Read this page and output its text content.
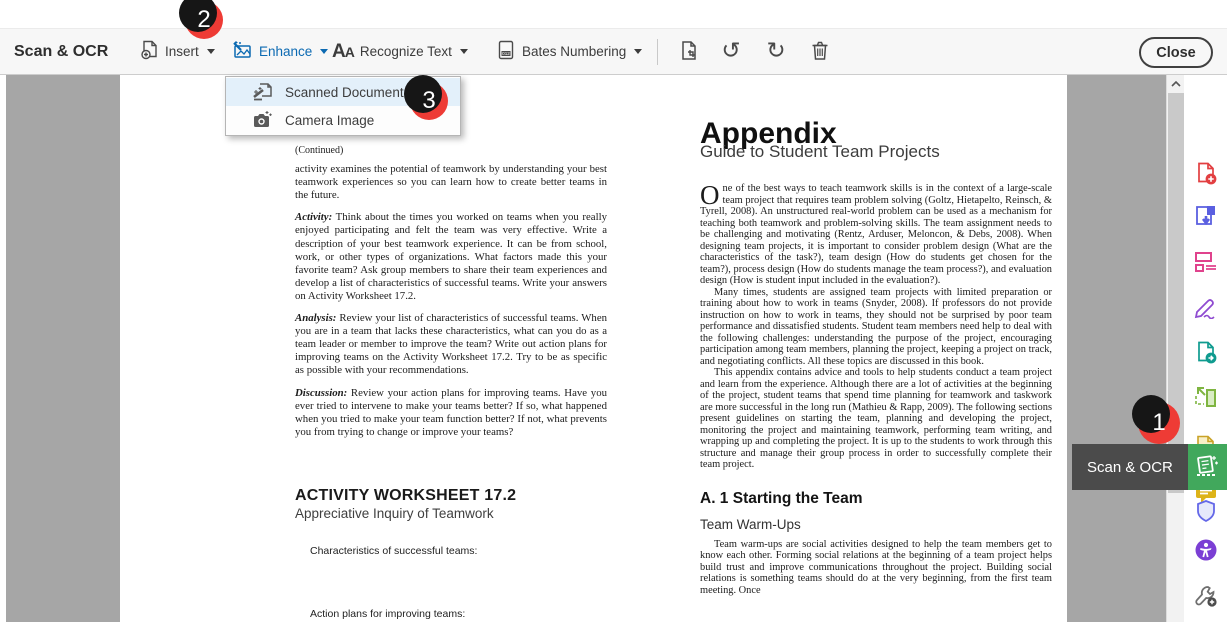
Scan & OCR	Insert	Enhance AA Recognize Text	012 Bates Numbering	↺ ↻	Close

(Continued)

activity examines the potential of teamwork by understanding your best teamwork experiences so you can learn how to create better teams in the future.

Activity: Think about the times you worked on teams when you really enjoyed participating and felt the team was very effective. Write a description of your best teamwork experience. It can be from school, work, or other types of organizations. What factors made this your favorite team? Ask group members to share their team experiences and develop a list of characteristics of successful teams. Write your answers on Activity Worksheet 17.2.

Analysis: Review your list of characteristics of successful teams. When you are in a team that lacks these characteristics, what can you do as a team leader or member to improve the team? Write out action plans for improving teams on the Activity Worksheet 17.2. Try to be as specific as possible with your recommendations.

Discussion: Review your action plans for improving teams. Have you ever tried to intervene to make your teams better? If so, what happened when you tried to make your team function better? If not, what prevents you from trying to change or improve your teams?

ACTIVITY WORKSHEET 17.2

Appreciative Inquiry of Teamwork

Characteristics of successful teams:

Action plans for improving teams:

Appendix

Guide to Student Team Projects

One of the best ways to teach teamwork skills is in the context of a large-scale team project that requires team problem solving (Goltz, Hietapelto, Reinsch, & Tyrell, 2008). An unstructured real-world problem can be used as a mechanism for teaching both teamwork and problem-solving skills. The team assignment needs to be challenging and motivating (Rentz, Arduser, Meloncon, & Debs, 2008). When designing team projects, it is important to consider problem design (What are the characteristics of the task?), team design (How do students get chosen for the team?), process design (How do students manage the team process?), and evaluation design (How is student input included in the evaluation?).

Many times, students are assigned team projects with limited preparation or training about how to work in teams (Snyder, 2008). If professors do not provide instruction on how to work in teams, they should not be surprised by poor team performance and dissatisfied students. Student team members need help to deal with the following challenges: understanding the purpose of the project, encouraging participation among team members, planning the project, keeping a project on track, and negotiating conflicts. All these topics are discussed in this book.

This appendix contains advice and tools to help students conduct a team project and learn from the experience. Although there are a lot of activities at the beginning of the project, student teams that spend time planning for teamwork and taskwork are more successful in the long run (Mathieu & Rapp, 2009). The following sections present guidelines on starting the team, planning and developing the project, monitoring the project and maintaining teamwork, performing team writing, and wrapping up and completing the project. It is up to the students to work through this structure and manage their group process in order to successfully complete their team project.

A. 1 Starting the Team

Team Warm-Ups

Team warm-ups are social activities designed to help the team members get to know each other. Forming social relations at the beginning of a team project helps build trust and improve communications throughout the project. Building social relations is something teams should do at the very beginning, from the first team meeting. Once

Scan & OCR
Scanned Document
Camera Image
2
3
1
